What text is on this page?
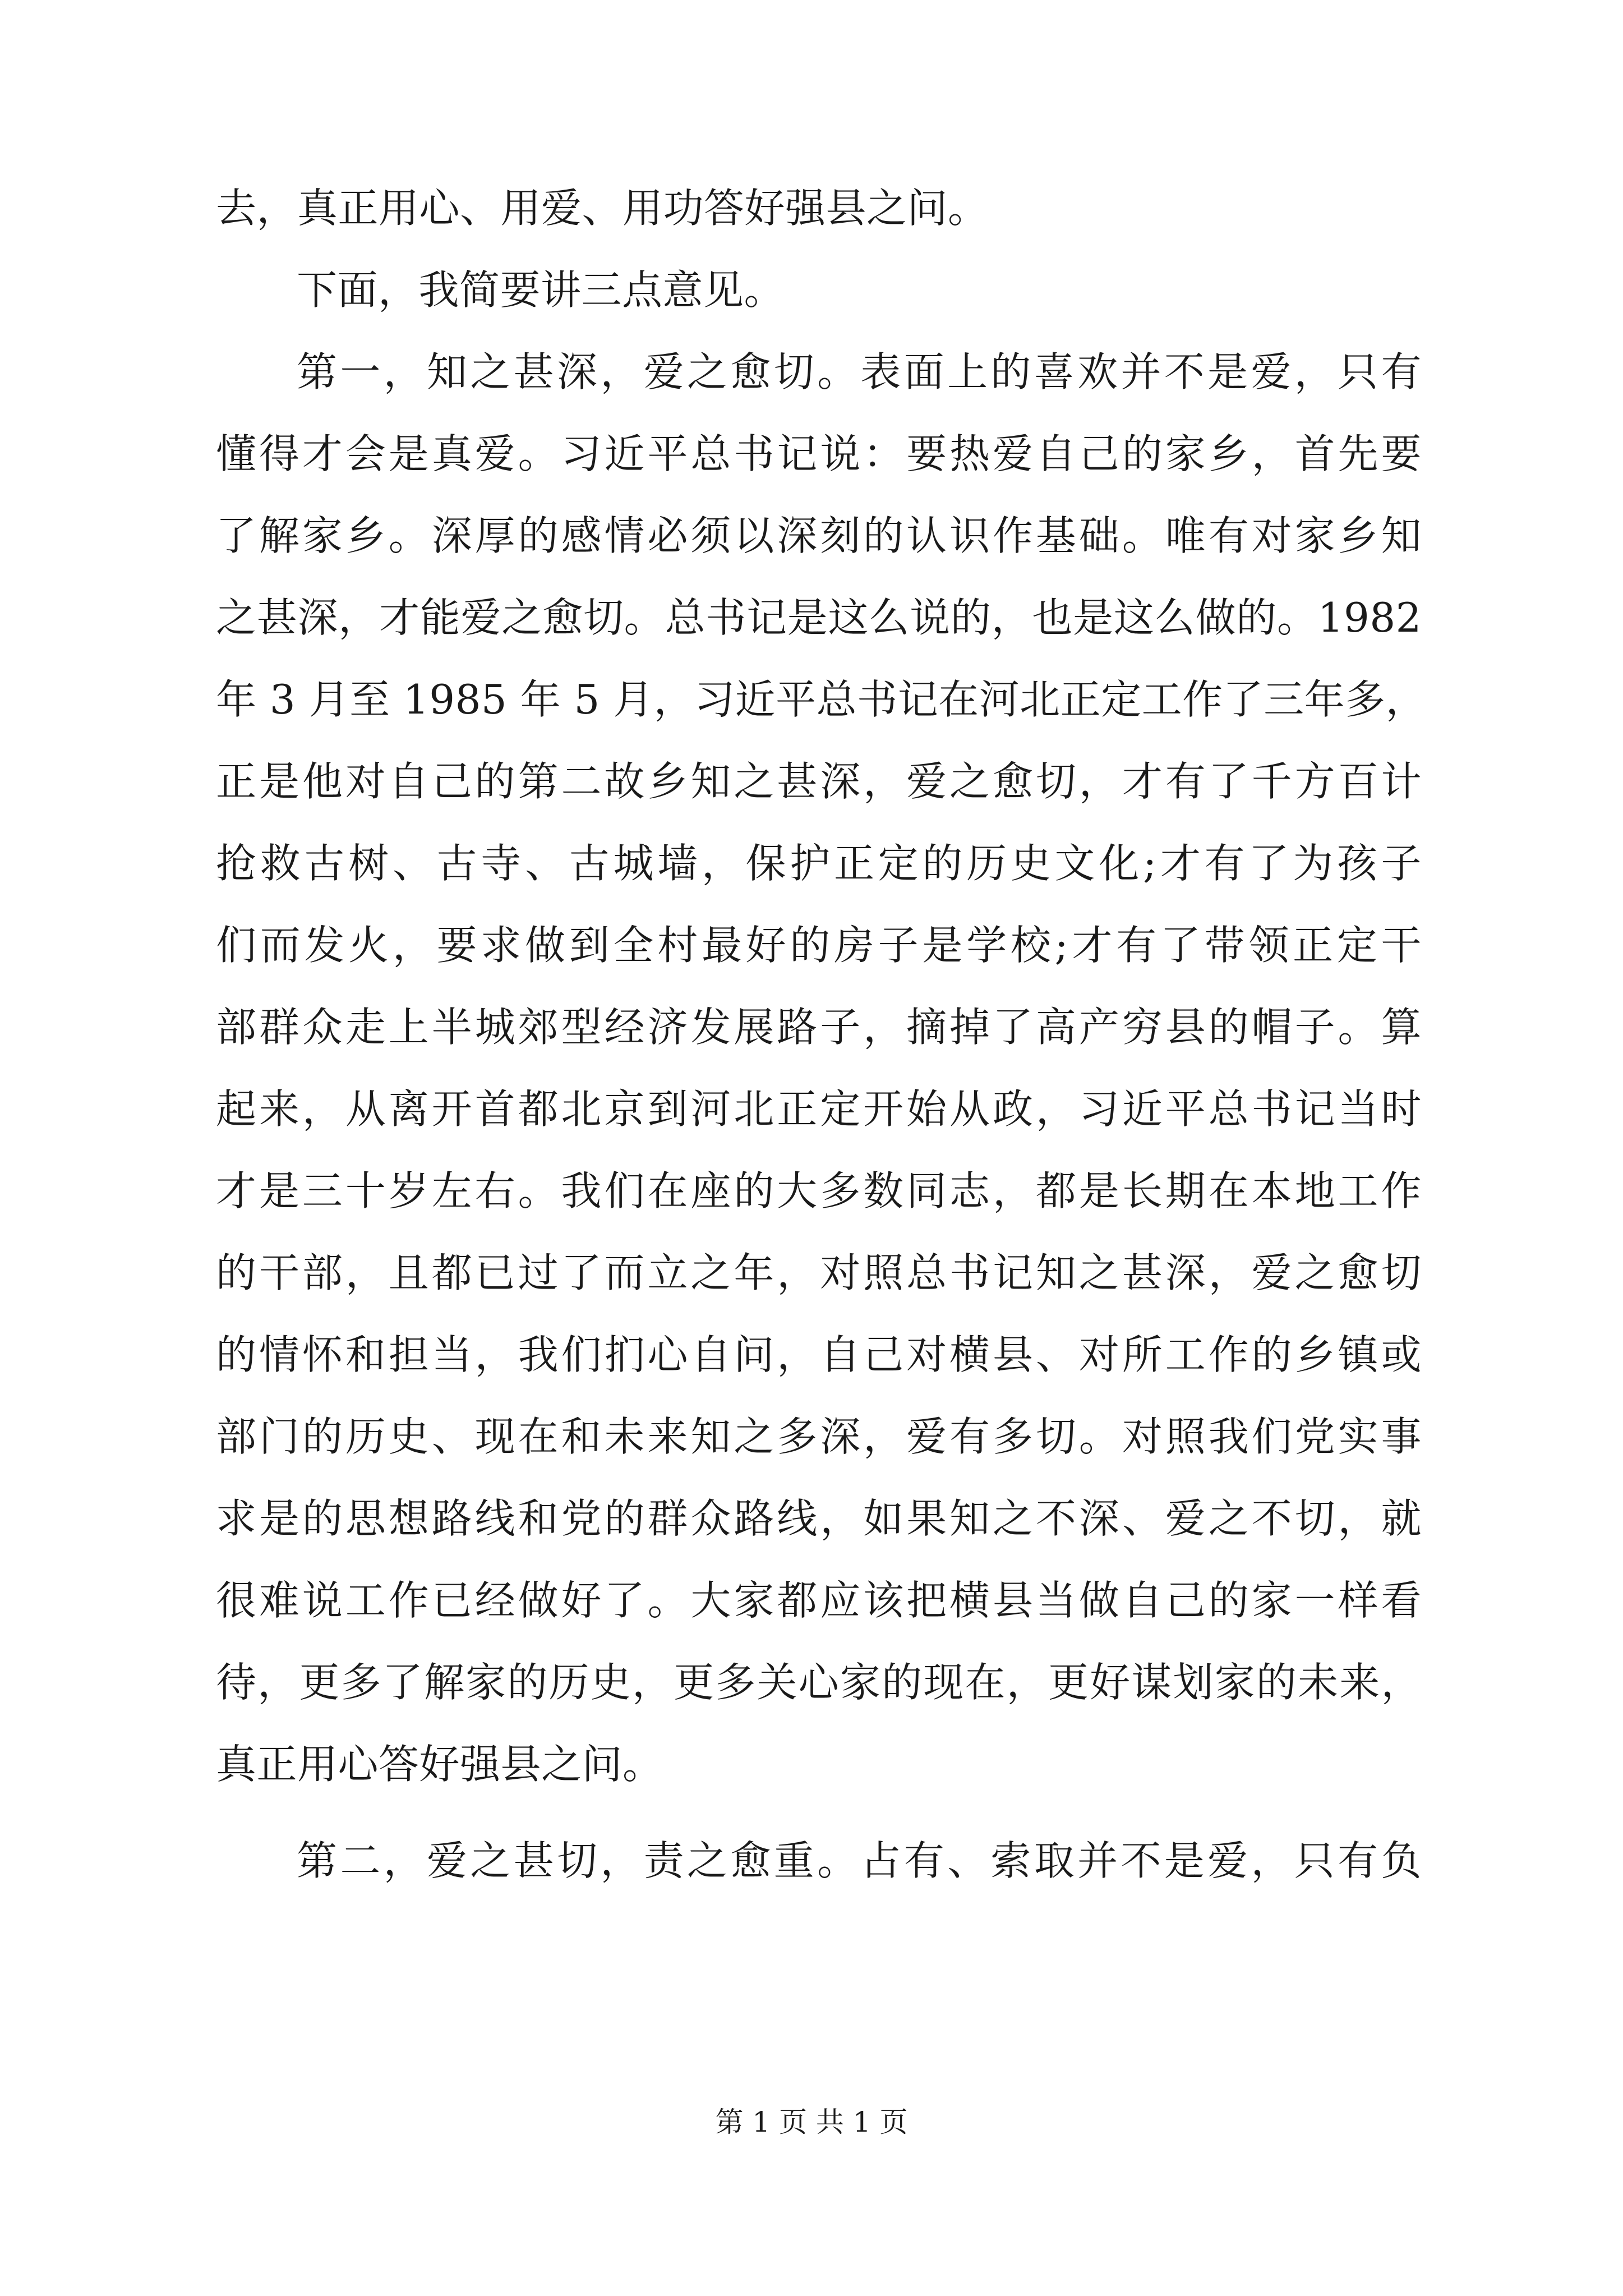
去，真正用心、用爱、用功答好强县之问。
下面，我简要讲三点意见。
第一，知之甚深，爱之愈切。表面上的喜欢并不是爱，只有
懂得才会是真爱。习近平总书记说：要热爱自己的家乡，首先要
了解家乡。深厚的感情必须以深刻的认识作基础。唯有对家乡知
之甚深，才能爱之愈切。总书记是这么说的，也是这么做的。1982
年 3 月至 1985 年 5 月，习近平总书记在河北正定工作了三年多，
正是他对自己的第二故乡知之甚深，爱之愈切，才有了千方百计
抢救古树、古寺、古城墙，保护正定的历史文化;才有了为孩子
们而发火，要求做到全村最好的房子是学校;才有了带领正定干
部群众走上半城郊型经济发展路子，摘掉了高产穷县的帽子。算
起来，从离开首都北京到河北正定开始从政，习近平总书记当时
才是三十岁左右。我们在座的大多数同志，都是长期在本地工作
的干部，且都已过了而立之年，对照总书记知之甚深，爱之愈切
的情怀和担当，我们扪心自问，自己对横县、对所工作的乡镇或
部门的历史、现在和未来知之多深，爱有多切。对照我们党实事
求是的思想路线和党的群众路线，如果知之不深、爱之不切，就
很难说工作已经做好了。大家都应该把横县当做自己的家一样看
待，更多了解家的历史，更多关心家的现在，更好谋划家的未来，
真正用心答好强县之问。
第二，爱之甚切，责之愈重。占有、索取并不是爱，只有负
第 1 页 共 1 页
